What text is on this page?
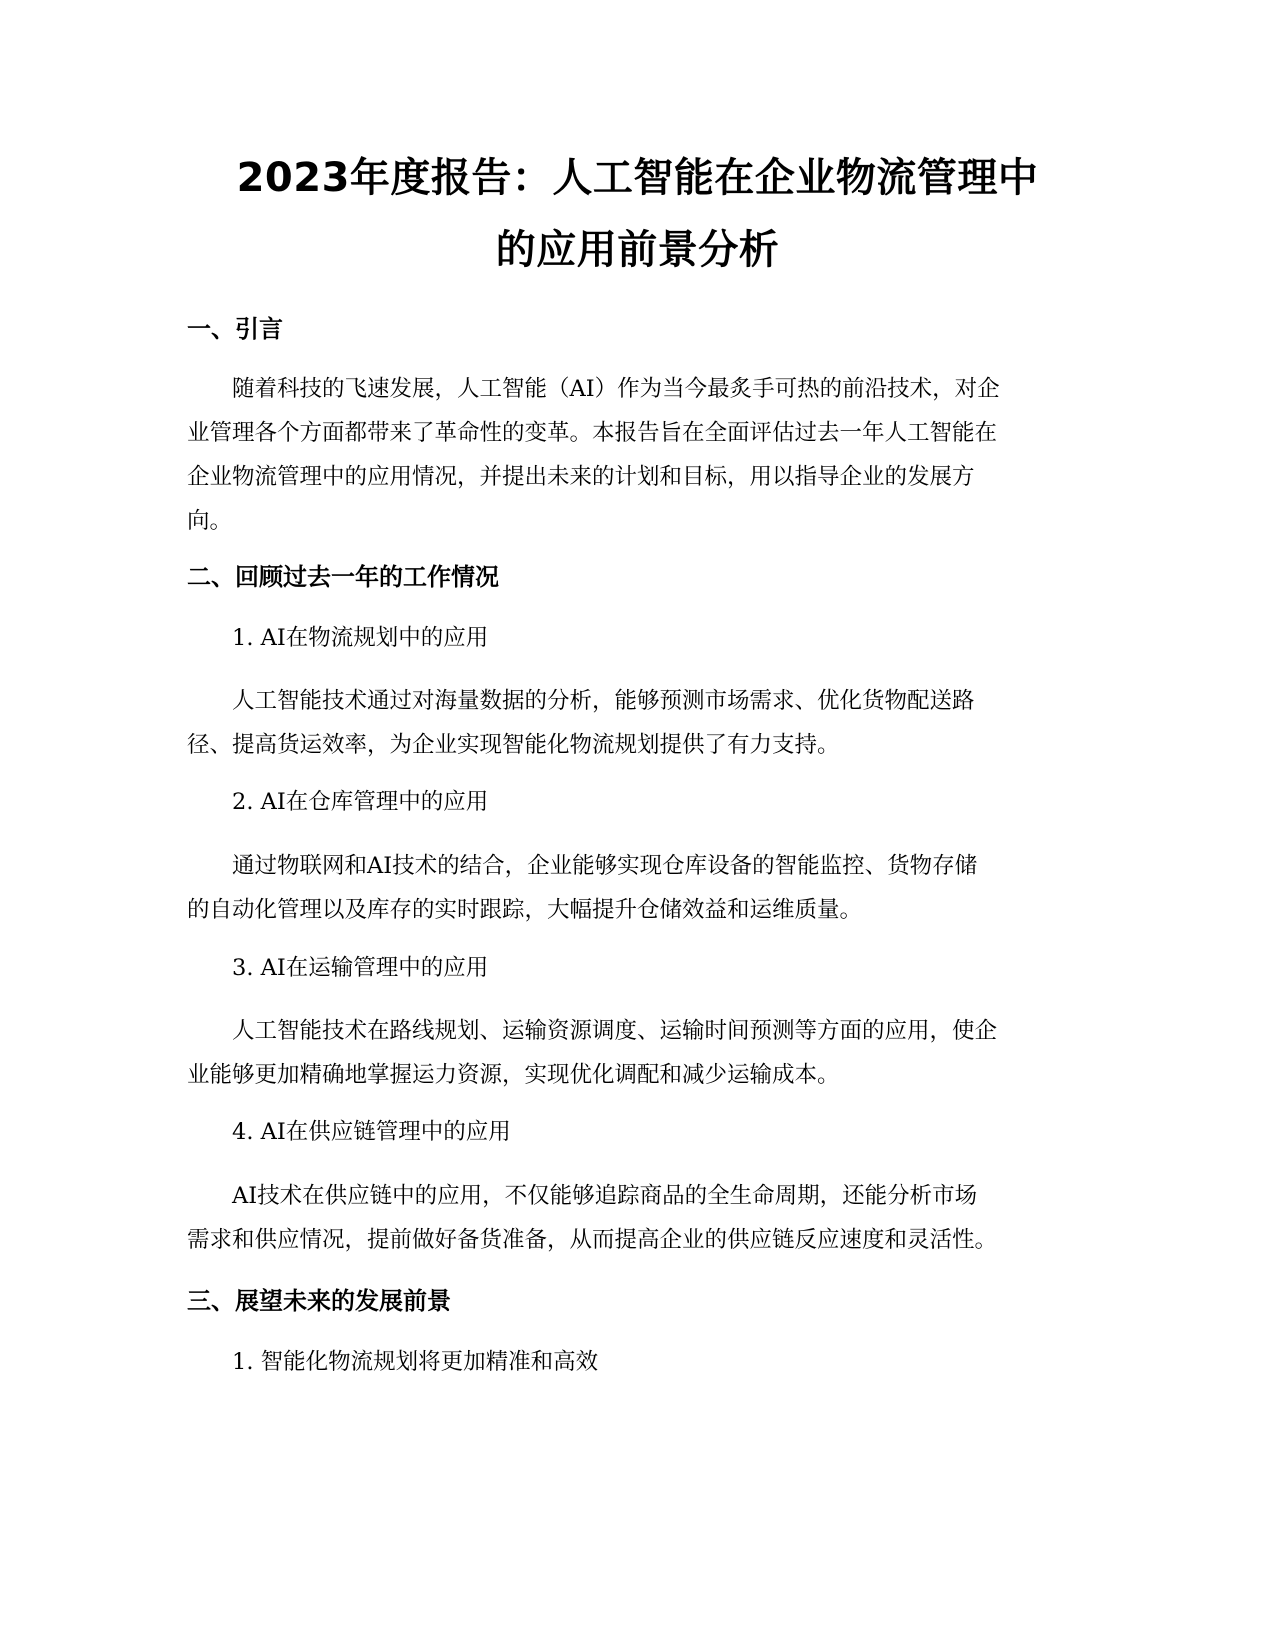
2023年度报告：人工智能在企业物流管理中
的应用前景分析
一、引言
随着科技的飞速发展，人工智能（AI）作为当今最炙手可热的前沿技术，对企
业管理各个方面都带来了革命性的变革。本报告旨在全面评估过去一年人工智能在
企业物流管理中的应用情况，并提出未来的计划和目标，用以指导企业的发展方
向。
二、回顾过去一年的工作情况

1. AI在物流规划中的应用

人工智能技术通过对海量数据的分析，能够预测市场需求、优化货物配送路
径、提高货运效率，为企业实现智能化物流规划提供了有力支持。

2. AI在仓库管理中的应用

通过物联网和AI技术的结合，企业能够实现仓库设备的智能监控、货物存储
的自动化管理以及库存的实时跟踪，大幅提升仓储效益和运维质量。

3. AI在运输管理中的应用

人工智能技术在路线规划、运输资源调度、运输时间预测等方面的应用，使企
业能够更加精确地掌握运力资源，实现优化调配和减少运输成本。

4. AI在供应链管理中的应用

AI技术在供应链中的应用，不仅能够追踪商品的全生命周期，还能分析市场
需求和供应情况，提前做好备货准备，从而提高企业的供应链反应速度和灵活性。
三、展望未来的发展前景

1. 智能化物流规划将更加精准和高效
